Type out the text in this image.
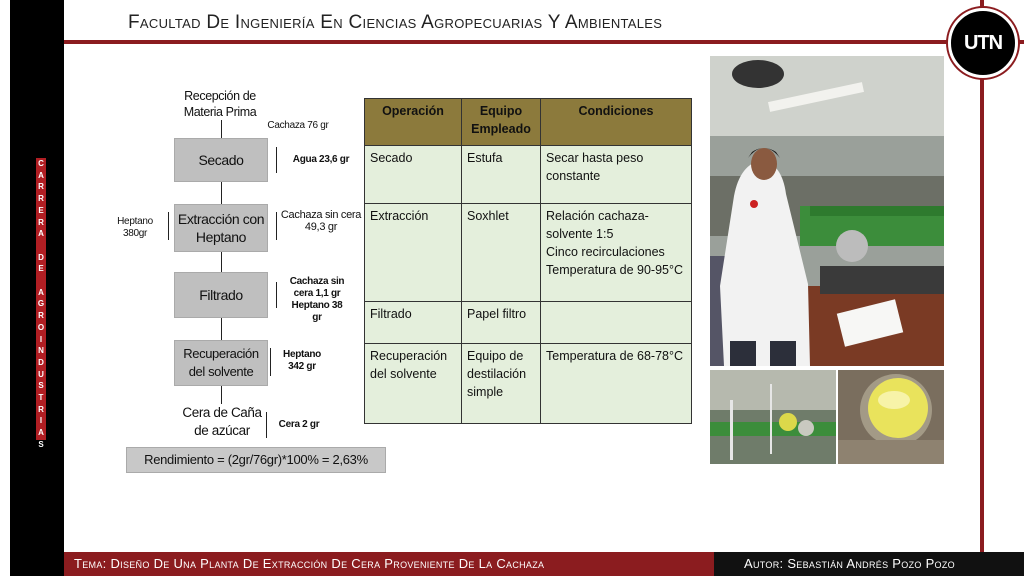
C
A
R
R
E
R
A

D
E

A
G
R
O
I
N
D
U
S
T
R
I
A
S
Facultad De Ingeniería En Ciencias Agropecuarias Y Ambientales
UTN
Recepción de Materia Prima
Cachaza 76 gr
Secado	Agua 23,6 gr
Extracción con Heptano
Heptano 380gr
Cachaza sin cera 49,3 gr
Filtrado
Cachaza sin cera 1,1 gr Heptano 38 gr
Recuperación del solvente
Heptano 342 gr
Cera de Caña de azúcar	Cera 2 gr
Rendimiento = (2gr/76gr)*100% = 2,63%
Operación	Equipo Empleado	Condiciones
Secado	Estufa	Secar hasta peso constante
Extracción	Soxhlet	Relación cachaza-solvente 1:5
Cinco recirculaciones
Temperatura de 90-95°C
Filtrado	Papel filtro	
Recuperación del solvente	Equipo de destilación simple	Temperatura de 68-78°C
Tema: Diseño De Una Planta De Extracción De Cera Proveniente De La Cachaza	Autor: Sebastián Andrés Pozo Pozo
